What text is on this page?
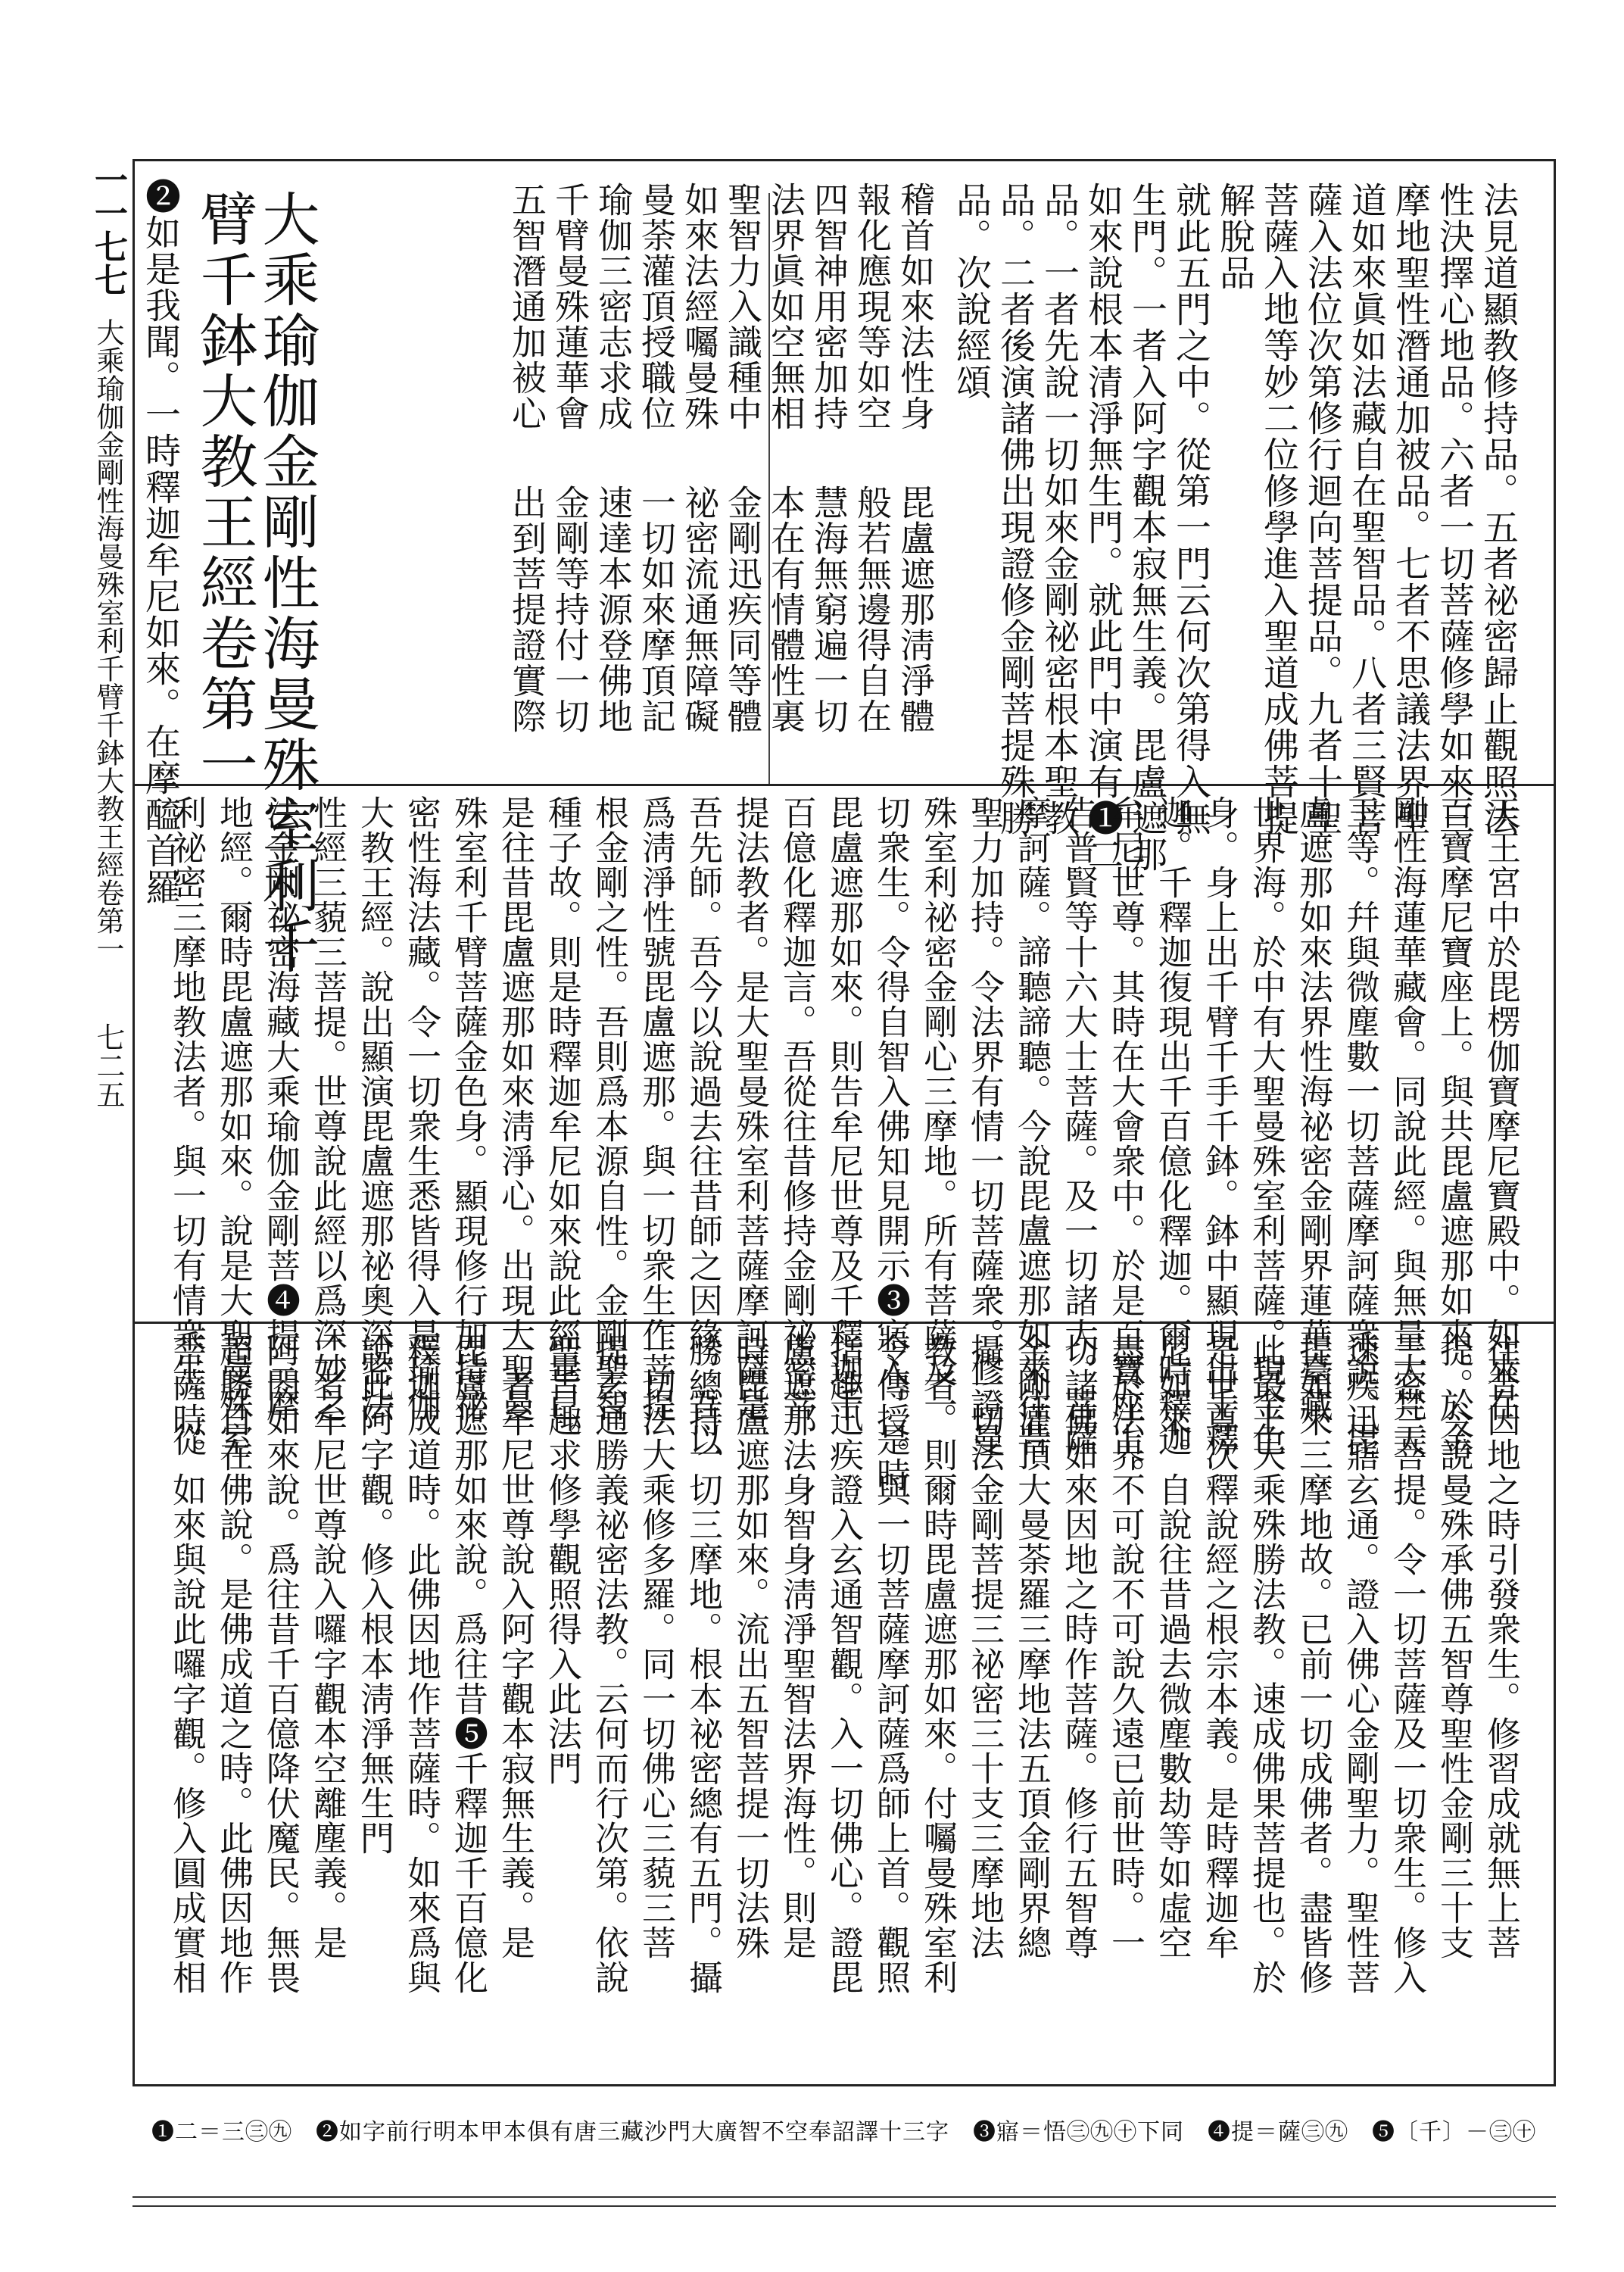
一一七七
大乘瑜伽金剛性海曼殊室利千臂千鉢大教王經卷第一
七二五
法見道顯教修持品。五者祕密歸止觀照法
性決擇心地品。六者一切菩薩修學如來三
摩地聖性潛通加被品。七者不思議法界聖
道如來眞如法藏自在聖智品。八者三賢菩
薩入法位次第修行迴向菩提品。九者十聖
菩薩入地等妙二位修學進入聖道成佛菩提
解脫品
就此五門之中。從第一門云何次第得入無
生門。一者入阿字觀本寂無生義。毘盧遮那
如來說根本清淨無生門。就此門中演有❶二
品。一者先說一切如來金剛祕密根本聖教
品。二者後演諸佛出現證修金剛菩提殊勝
品。次說經頌
稽首如來法性身
報化應現等如空
四智神用密加持
法界眞如空無相
聖智力入識種中
如來法經囑曼殊
曼荼灌頂授職位
瑜伽三密志求成
千臂曼殊蓮華會
五智潛通加被心
毘盧遮那淸淨體
般若無邊得自在
慧海無窮遍一切
本在有情體性裏
金剛迅疾同等體
祕密流通無障礙
一切如來摩頂記
速達本源登佛地
金剛等持付一切
出到菩提證實際
大乘瑜伽金剛性海曼殊室利千
臂千鉢大教王經卷第一
❷如是我聞。一時釋迦牟尼如來。在摩醯首羅
天王宮中於毘楞伽寶摩尼寶殿中。如來在
百寶摩尼寶座上。與共毘盧遮那如來。於金
剛性海蓮華藏會。同說此經。與無量大梵天
王等。幷與微塵數一切菩薩摩訶薩衆說。毘
盧遮那如來法界性海祕密金剛界蓮華臺藏
世界海。於中有大聖曼殊室利菩薩。現金色
身。身上出千臂千手千鉢。鉢中顯現出千釋
迦。千釋迦復現出千百億化釋迦。爾時釋迦
牟尼世尊。其時在大會衆中。於是百寶座上。
告普賢等十六大士菩薩。及一切諸大。菩薩
摩訶薩。諦聽諦聽。今說毘盧遮那如來往昔
聖力加持。令法界有情一切菩薩衆。修證曼
殊室利祕密金剛心三摩地。所有菩薩及一
切衆生。令得自智入佛知見開示❸寤入。是時
毘盧遮那如來。則告牟尼世尊及千釋迦千
百億化釋迦言。吾從往昔修持金剛祕密菩
提法教者。是大聖曼殊室利菩薩摩訶薩是
吾先師。吾今以說過去往昔師之因緣。吾以
爲淸淨性號毘盧遮那。與一切衆生作菩提
根金剛之性。吾則爲本源自性。金剛聖智
種子故。則是時釋迦牟尼如來說此經畢已。
是往昔毘盧遮那如來淸淨心。出現大聖曼
殊室利千臂菩薩金色身。顯現修行加持祕
密性海法藏。令一切衆生悉皆得入是瑜伽
大教王經。說出顯演毘盧遮那祕奧深密法
性經三藐三菩提。世尊說此經以爲深妙之
法金剛祕密海藏大乘瑜伽金剛菩❹提三摩
地經。爾時毘盧遮那如來。說是大聖曼殊室
利祕密三摩地教法者。與一切有情衆生。從
往昔因地之時引發衆生。修習成就無上菩
提。今說曼殊承佛五智尊聖性金剛三十支
三密三菩提。令一切菩薩及一切衆生。修入
速疾迅寤玄通。證入佛心金剛聖力。聖性菩
提如來三摩地故。已前一切成佛者。盡皆修
此最上大乘殊勝法教。速成佛果菩提也。於
是世尊次釋說經之根宗本義。是時釋迦牟
尼如來。自說往昔過去微塵數劫等如虛空
盡於法界不可說不可說久遠已前世時。一
切諸佛如來因地之時作菩薩。修行五智尊
金剛灌頂大曼荼羅三摩地法五頂金剛界總
攝一切法金剛菩提三祕密三十支三摩地法
教者。則爾時毘盧遮那如來。付囑曼殊室利
令傳授。與一切菩薩摩訶薩爲師上首。觀照
指趣迅疾證入玄通智觀。入一切佛心。證毘
盧遮那法身智身淸淨聖智法界海性。則是
時毘盧遮那如來。流出五智菩提一切法殊
勝總持一切三摩地。根本祕密總有五門。攝
一切法大乘修多羅。同一切佛心三藐三菩
提玄通勝義祕密法教。云何而行次第。依說
聖旨趣求修學觀照得入此法門
一者牟尼世尊說入阿字觀本寂無生義。是
毘盧遮那如來說。爲往昔❺千釋迦千百億化
釋迦成道時。此佛因地作菩薩時。如來爲與
說此阿字觀。修入根本淸淨無生門
二者牟尼世尊說入囉字觀本空離塵義。是
阿閦如來說。爲往昔千百億降伏魔民。無畏
超勝自在佛說。是佛成道之時。此佛因地作
菩薩時。如來與說此囉字觀。修入圓成實相
❶二＝三㊂㊈　❷如字前行明本甲本俱有唐三藏沙門大廣智不空奉詔譯十三字　❸寤＝悟㊂㊈㊉下同　❹提＝薩㊂㊈　❺〔千〕－㊂㊉
